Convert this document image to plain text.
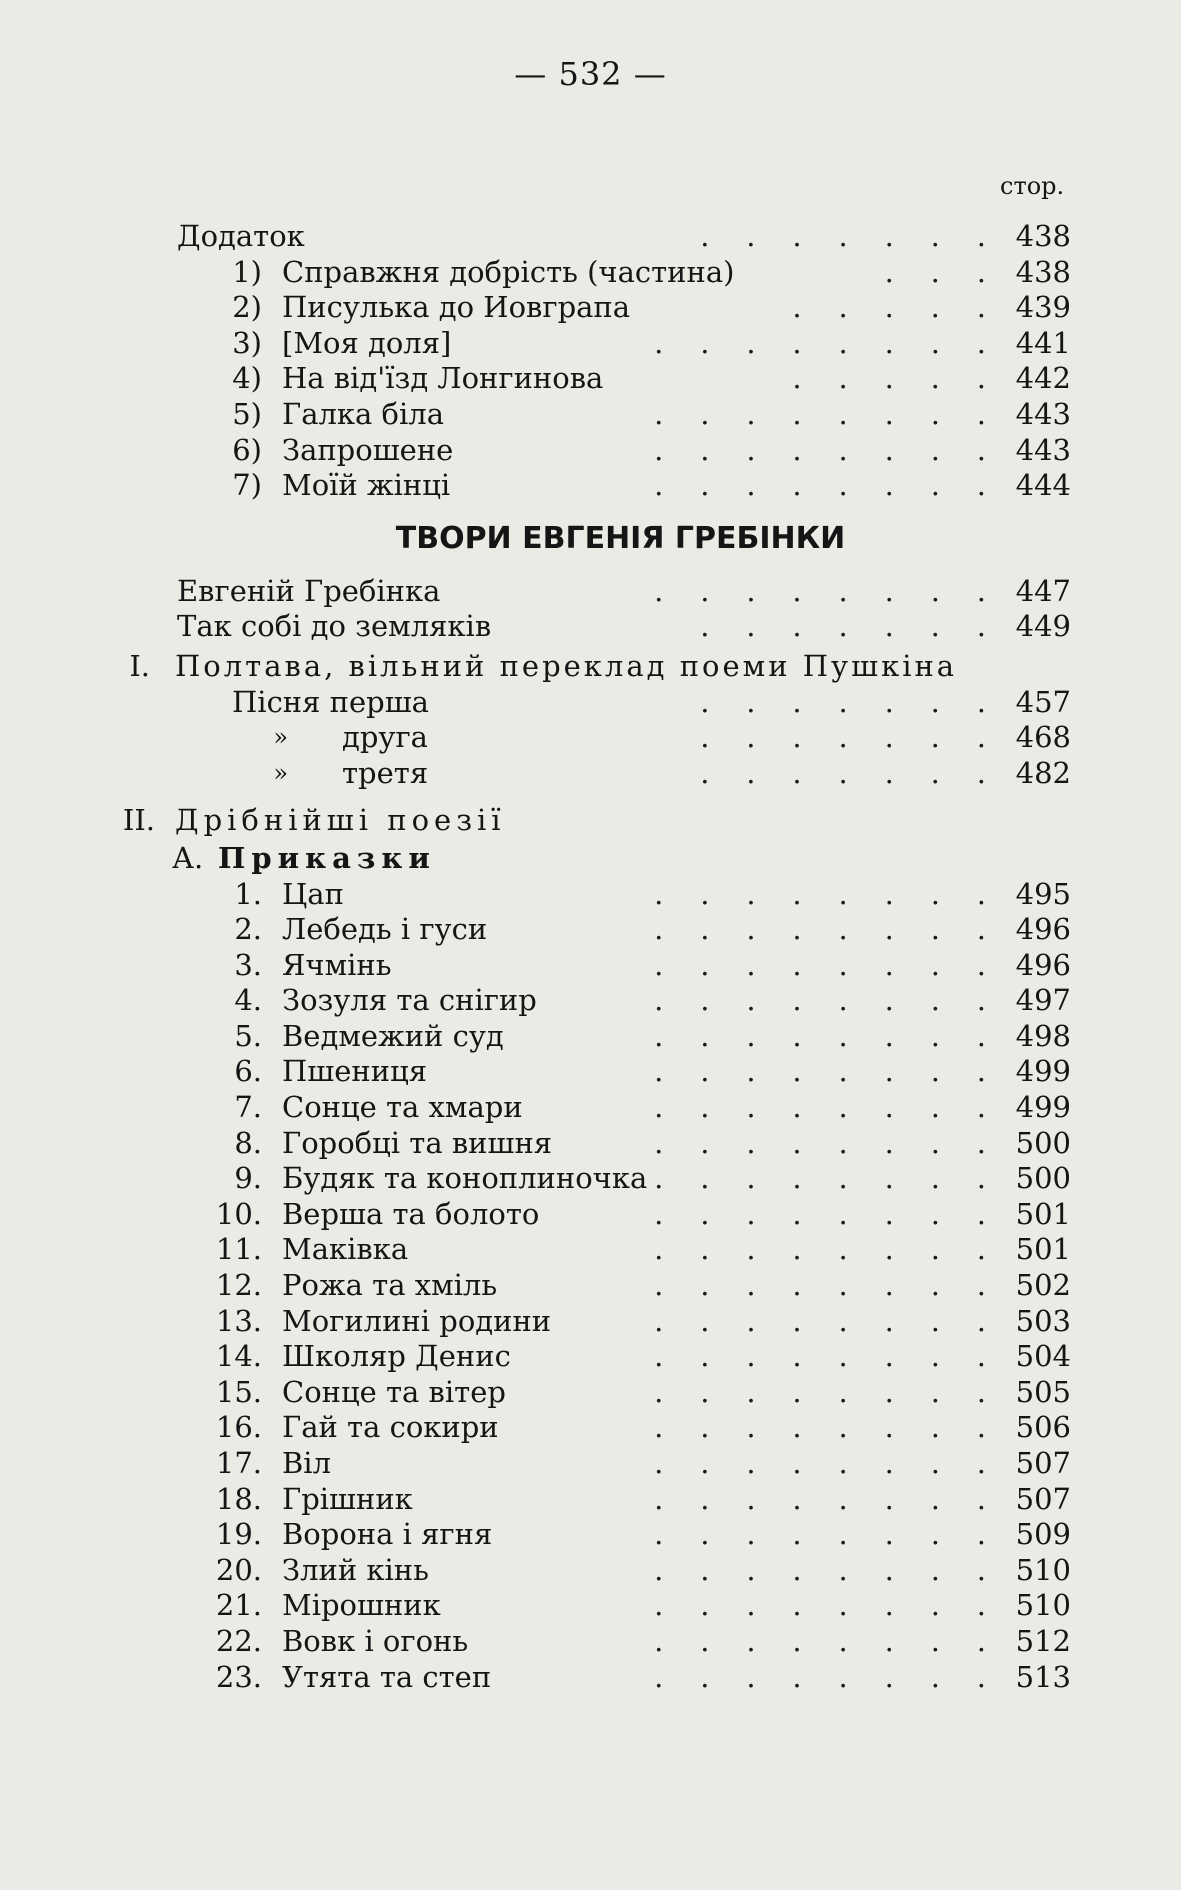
— 532 —
стор.
Додаток	.    .    .    .    .    .    . 438
1) Справжня добрість (частина)	.    .    . 438
2) Писулька до Иовграпа	.    .    .    .    . 439
3) [Моя доля]	.    .    .    .    .    .    .    . 441
4) На від'їзд Лонгинова	.    .    .    .    . 442
5) Галка біла	.    .    .    .    .    .    .    . 443
6) Запрошене	.    .    .    .    .    .    .    . 443
7) Моїй жінці	.    .    .    .    .    .    .    . 444
ТВОРИ ЕВГЕНІЯ ГРЕБІНКИ
Евгеній Гребінка	.    .    .    .    .    .    .    . 447
Так собі до земляків	.    .    .    .    .    .    . 449
I. Полтава, вільний переклад поеми Пушкіна
Пісня перша	.    .    .    .    .    .    . 457
» друга	.    .    .    .    .    .    . 468
» третя	.    .    .    .    .    .    . 482
II. Дрібнійші поезії
А. Приказки
1. Цап	.    .    .    .    .    .    .    . 495
2. Лебедь і гуси	.    .    .    .    .    .    .    . 496
3. Ячмінь	.    .    .    .    .    .    .    . 496
4. Зозуля та снігир	.    .    .    .    .    .    .    . 497
5. Ведмежий суд	.    .    .    .    .    .    .    . 498
6. Пшениця	.    .    .    .    .    .    .    . 499
7. Сонце та хмари	.    .    .    .    .    .    .    . 499
8. Горобці та вишня	.    .    .    .    .    .    .    . 500
9. Будяк та коноплиночка .    .    .    .    .    .    .    . 500
10. Верша та болото	.    .    .    .    .    .    .    . 501
11. Маківка	.    .    .    .    .    .    .    . 501
12. Рожа та хміль	.    .    .    .    .    .    .    . 502
13. Могилині родини	.    .    .    .    .    .    .    . 503
14. Школяр Денис	.    .    .    .    .    .    .    . 504
15. Сонце та вітер	.    .    .    .    .    .    .    . 505
16. Гай та сокири	.    .    .    .    .    .    .    . 506
17. Віл	.    .    .    .    .    .    .    . 507
18. Грішник	.    .    .    .    .    .    .    . 507
19. Ворона і ягня	.    .    .    .    .    .    .    . 509
20. Злий кінь	.    .    .    .    .    .    .    . 510
21. Мірошник	.    .    .    .    .    .    .    . 510
22. Вовк і огонь	.    .    .    .    .    .    .    . 512
23. Утята та степ	.    .    .    .    .    .    .    . 513
